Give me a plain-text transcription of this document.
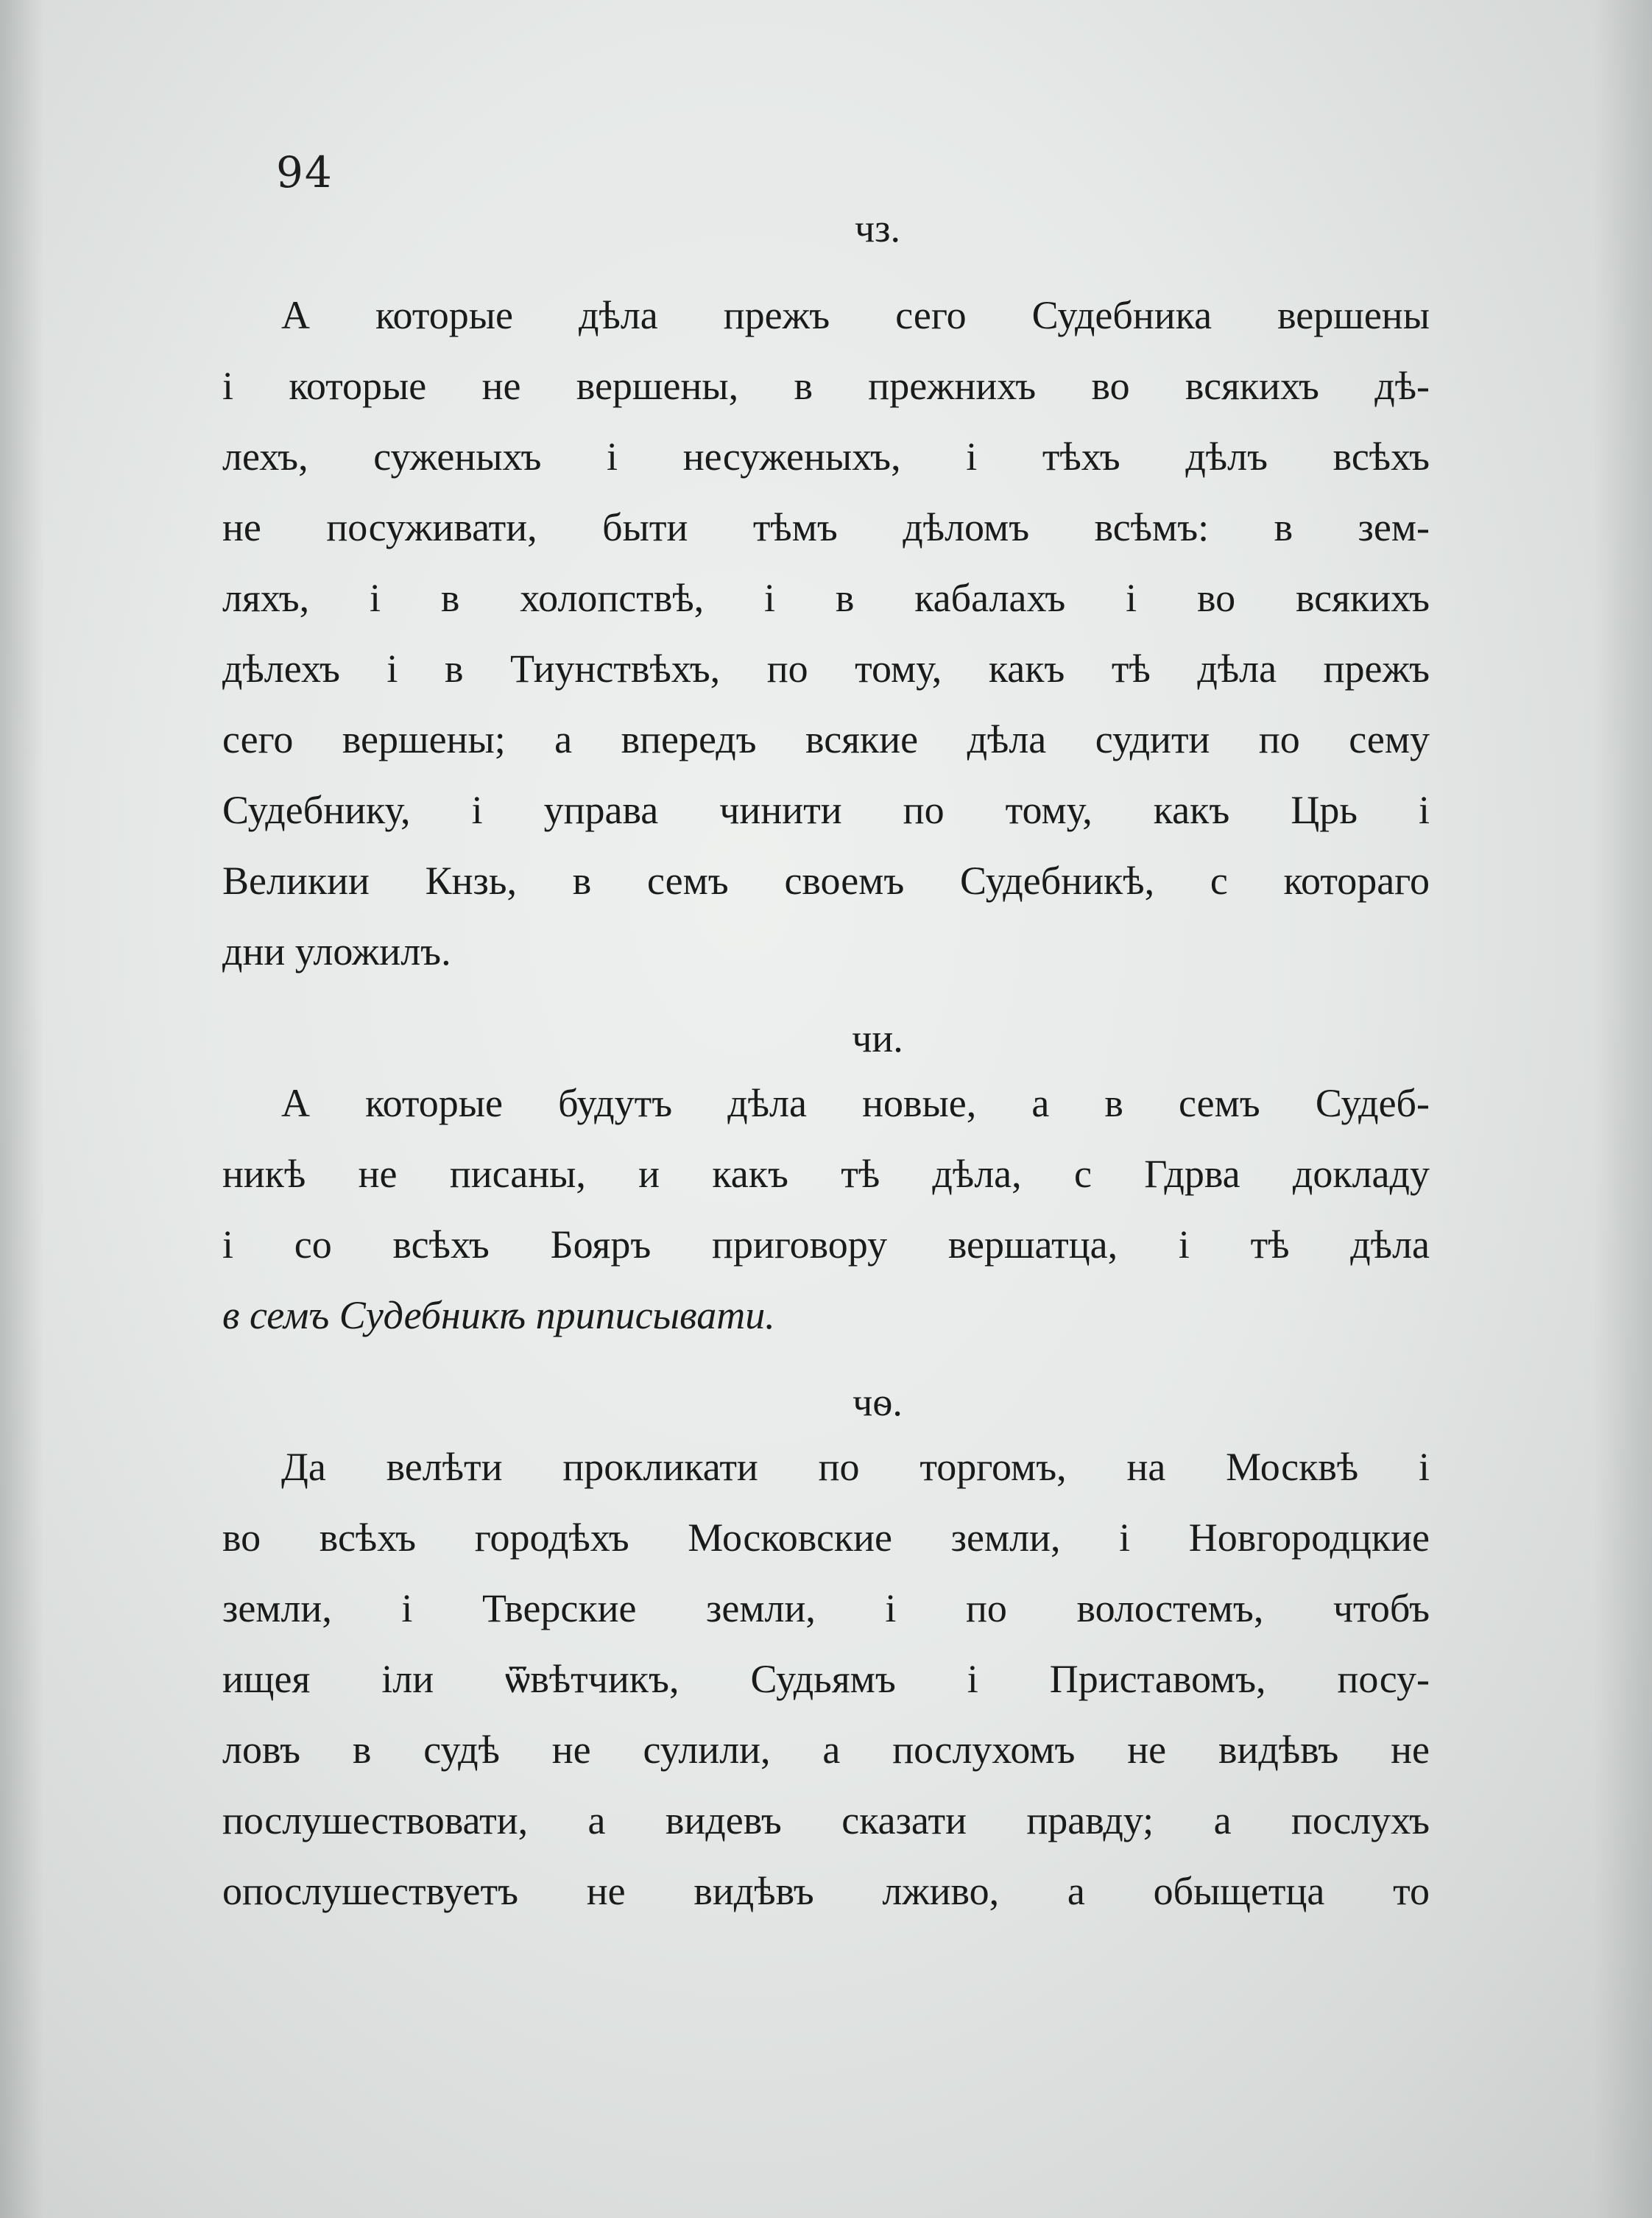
94
чз.
А которые дѣла прежъ сего Судебника вершены
і которые не вершены, в прежнихъ во всякихъ дѣ-
лехъ, суженыхъ і несуженыхъ, і тѣхъ дѣлъ всѣхъ
не посуживати, быти тѣмъ дѣломъ всѣмъ: в зем-
ляхъ, і в холопствѣ, і в кабалахъ і во всякихъ
дѣлехъ і в Тиунствѣхъ, по тому, какъ тѣ дѣла прежъ
сего вершены; а впередъ всякие дѣла судити по сему
Судебнику, і управа чинити по тому, какъ Црь і
Великии Кнзь, в семъ своемъ Судебникѣ, с котораго
дни уложилъ.
чи.
А которые будутъ дѣла новые, а в семъ Судеб-
никѣ не писаны, и какъ тѣ дѣла, с Гдрва докладу
і со всѣхъ Бояръ приговору вершатца, і тѣ дѣла
в семъ Судебникѣ приписывати.
чѳ.
Да велѣти прокликати по торгомъ, на Москвѣ і
во всѣхъ городѣхъ Московские земли, і Новгородцкие
земли, і Тверские земли, і по волостемъ, чтобъ
ищея іли ѿвѣтчикъ, Судьямъ і Приставомъ, посу-
ловъ в судѣ не сулили, а послухомъ не видѣвъ не
послушествовати, а видевъ сказати правду; а послухъ
опослушествуетъ не видѣвъ лживо, а обыщетца то
